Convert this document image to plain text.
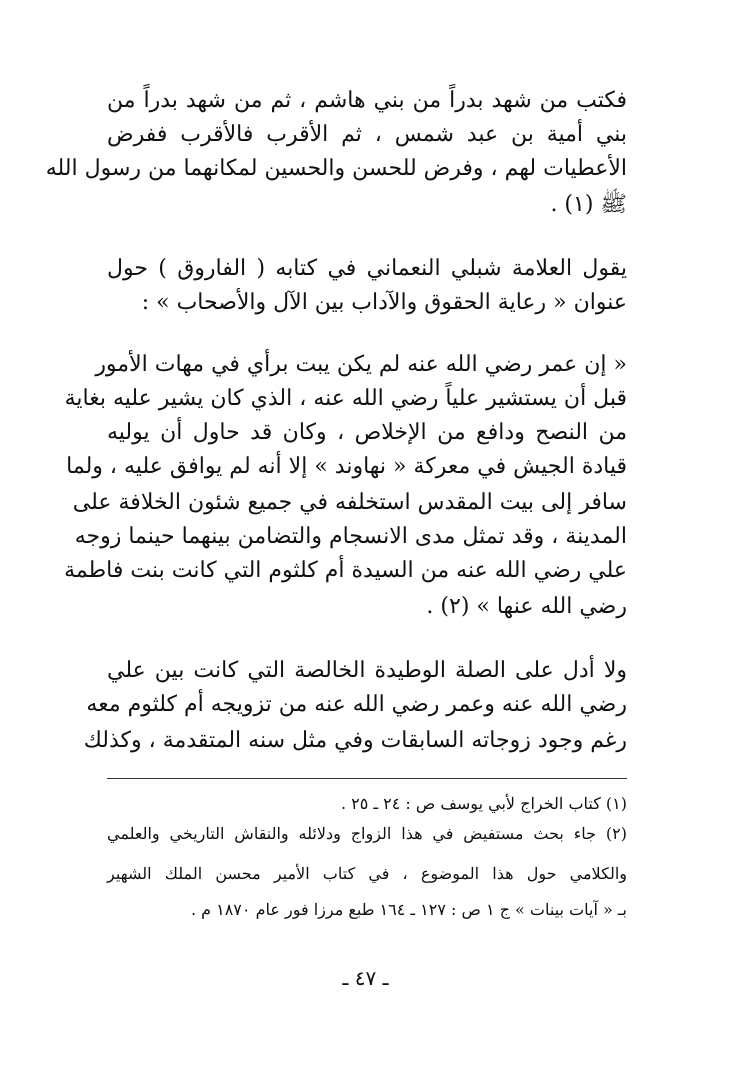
فكتب من شهد بدراً من بني هاشم ، ثم من شهد بدراً من
بني أمية بن عبد شمس ، ثم الأقرب فالأقرب ففرض
الأعطيات لهم ، وفرض للحسن والحسين لمكانهما من رسول الله
ﷺ (١) .
يقول العلامة شبلي النعماني في كتابه ( الفاروق ) حول
عنوان « رعاية الحقوق والآداب بين الآل والأصحاب » :
« إن عمر رضي الله عنه لم يكن يبت برأي في مهات الأمور
قبل أن يستشير علياً رضي الله عنه ، الذي كان يشير عليه بغاية
من النصح ودافع من الإخلاص ، وكان قد حاول أن يوليه
قيادة الجيش في معركة « نهاوند » إلا أنه لم يوافق عليه ، ولما
سافر إلى بيت المقدس استخلفه في جميع شئون الخلافة على
المدينة ، وقد تمثل مدى الانسجام والتضامن بينهما حينما زوجه
علي رضي الله عنه من السيدة أم كلثوم التي كانت بنت فاطمة
رضي الله عنها » (٢) .
ولا أدل على الصلة الوطيدة الخالصة التي كانت بين علي
رضي الله عنه وعمر رضي الله عنه من تزويجه أم كلثوم معه
رغم وجود زوجاته السابقات وفي مثل سنه المتقدمة ، وكذلك
(١) كتاب الخراج لأبي يوسف ص : ٢٤ ـ ٢٥ .
(٢) جاء بحث مستفيض في هذا الزواج ودلائله والنقاش التاريخي والعلمي
والكلامي حول هذا الموضوع ، في كتاب الأمير محسن الملك الشهير
بـ « آيات بينات » ج ١ ص : ١٢٧ ـ ١٦٤ طبع مرزا فور عام ١٨٧٠ م .
ـ ٤٧ ـ
